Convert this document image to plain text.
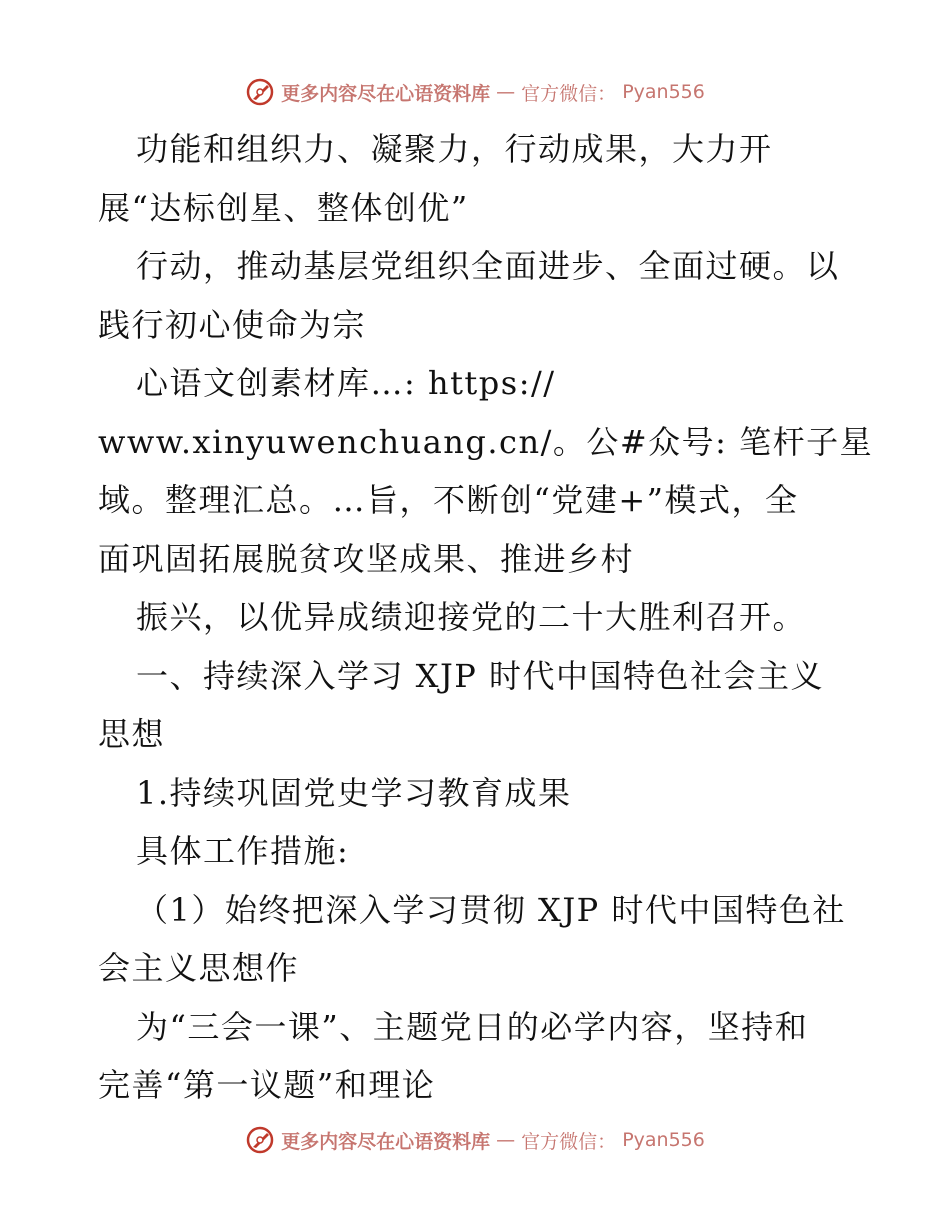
更多内容尽在心语资料库 — 官方微信： Pyan556
功能和组织力、凝聚力，行动成果，大力开
展“达标创星、整体创优”
行动，推动基层党组织全面进步、全面过硬。以
践行初心使命为宗
心语文创素材库…: https://
www.xinyuwenchuang.cn/。公#众号: 笔杆子星
域。整理汇总。…旨，不断创“党建+”模式，全
面巩固拓展脱贫攻坚成果、推进乡村
振兴，以优异成绩迎接党的二十大胜利召开。
一、持续深入学习 XJP 时代中国特色社会主义
思想
1.持续巩固党史学习教育成果
具体工作措施:
（1）始终把深入学习贯彻 XJP 时代中国特色社
会主义思想作
为“三会一课”、主题党日的必学内容，坚持和
完善“第一议题”和理论
更多内容尽在心语资料库 — 官方微信： Pyan556
